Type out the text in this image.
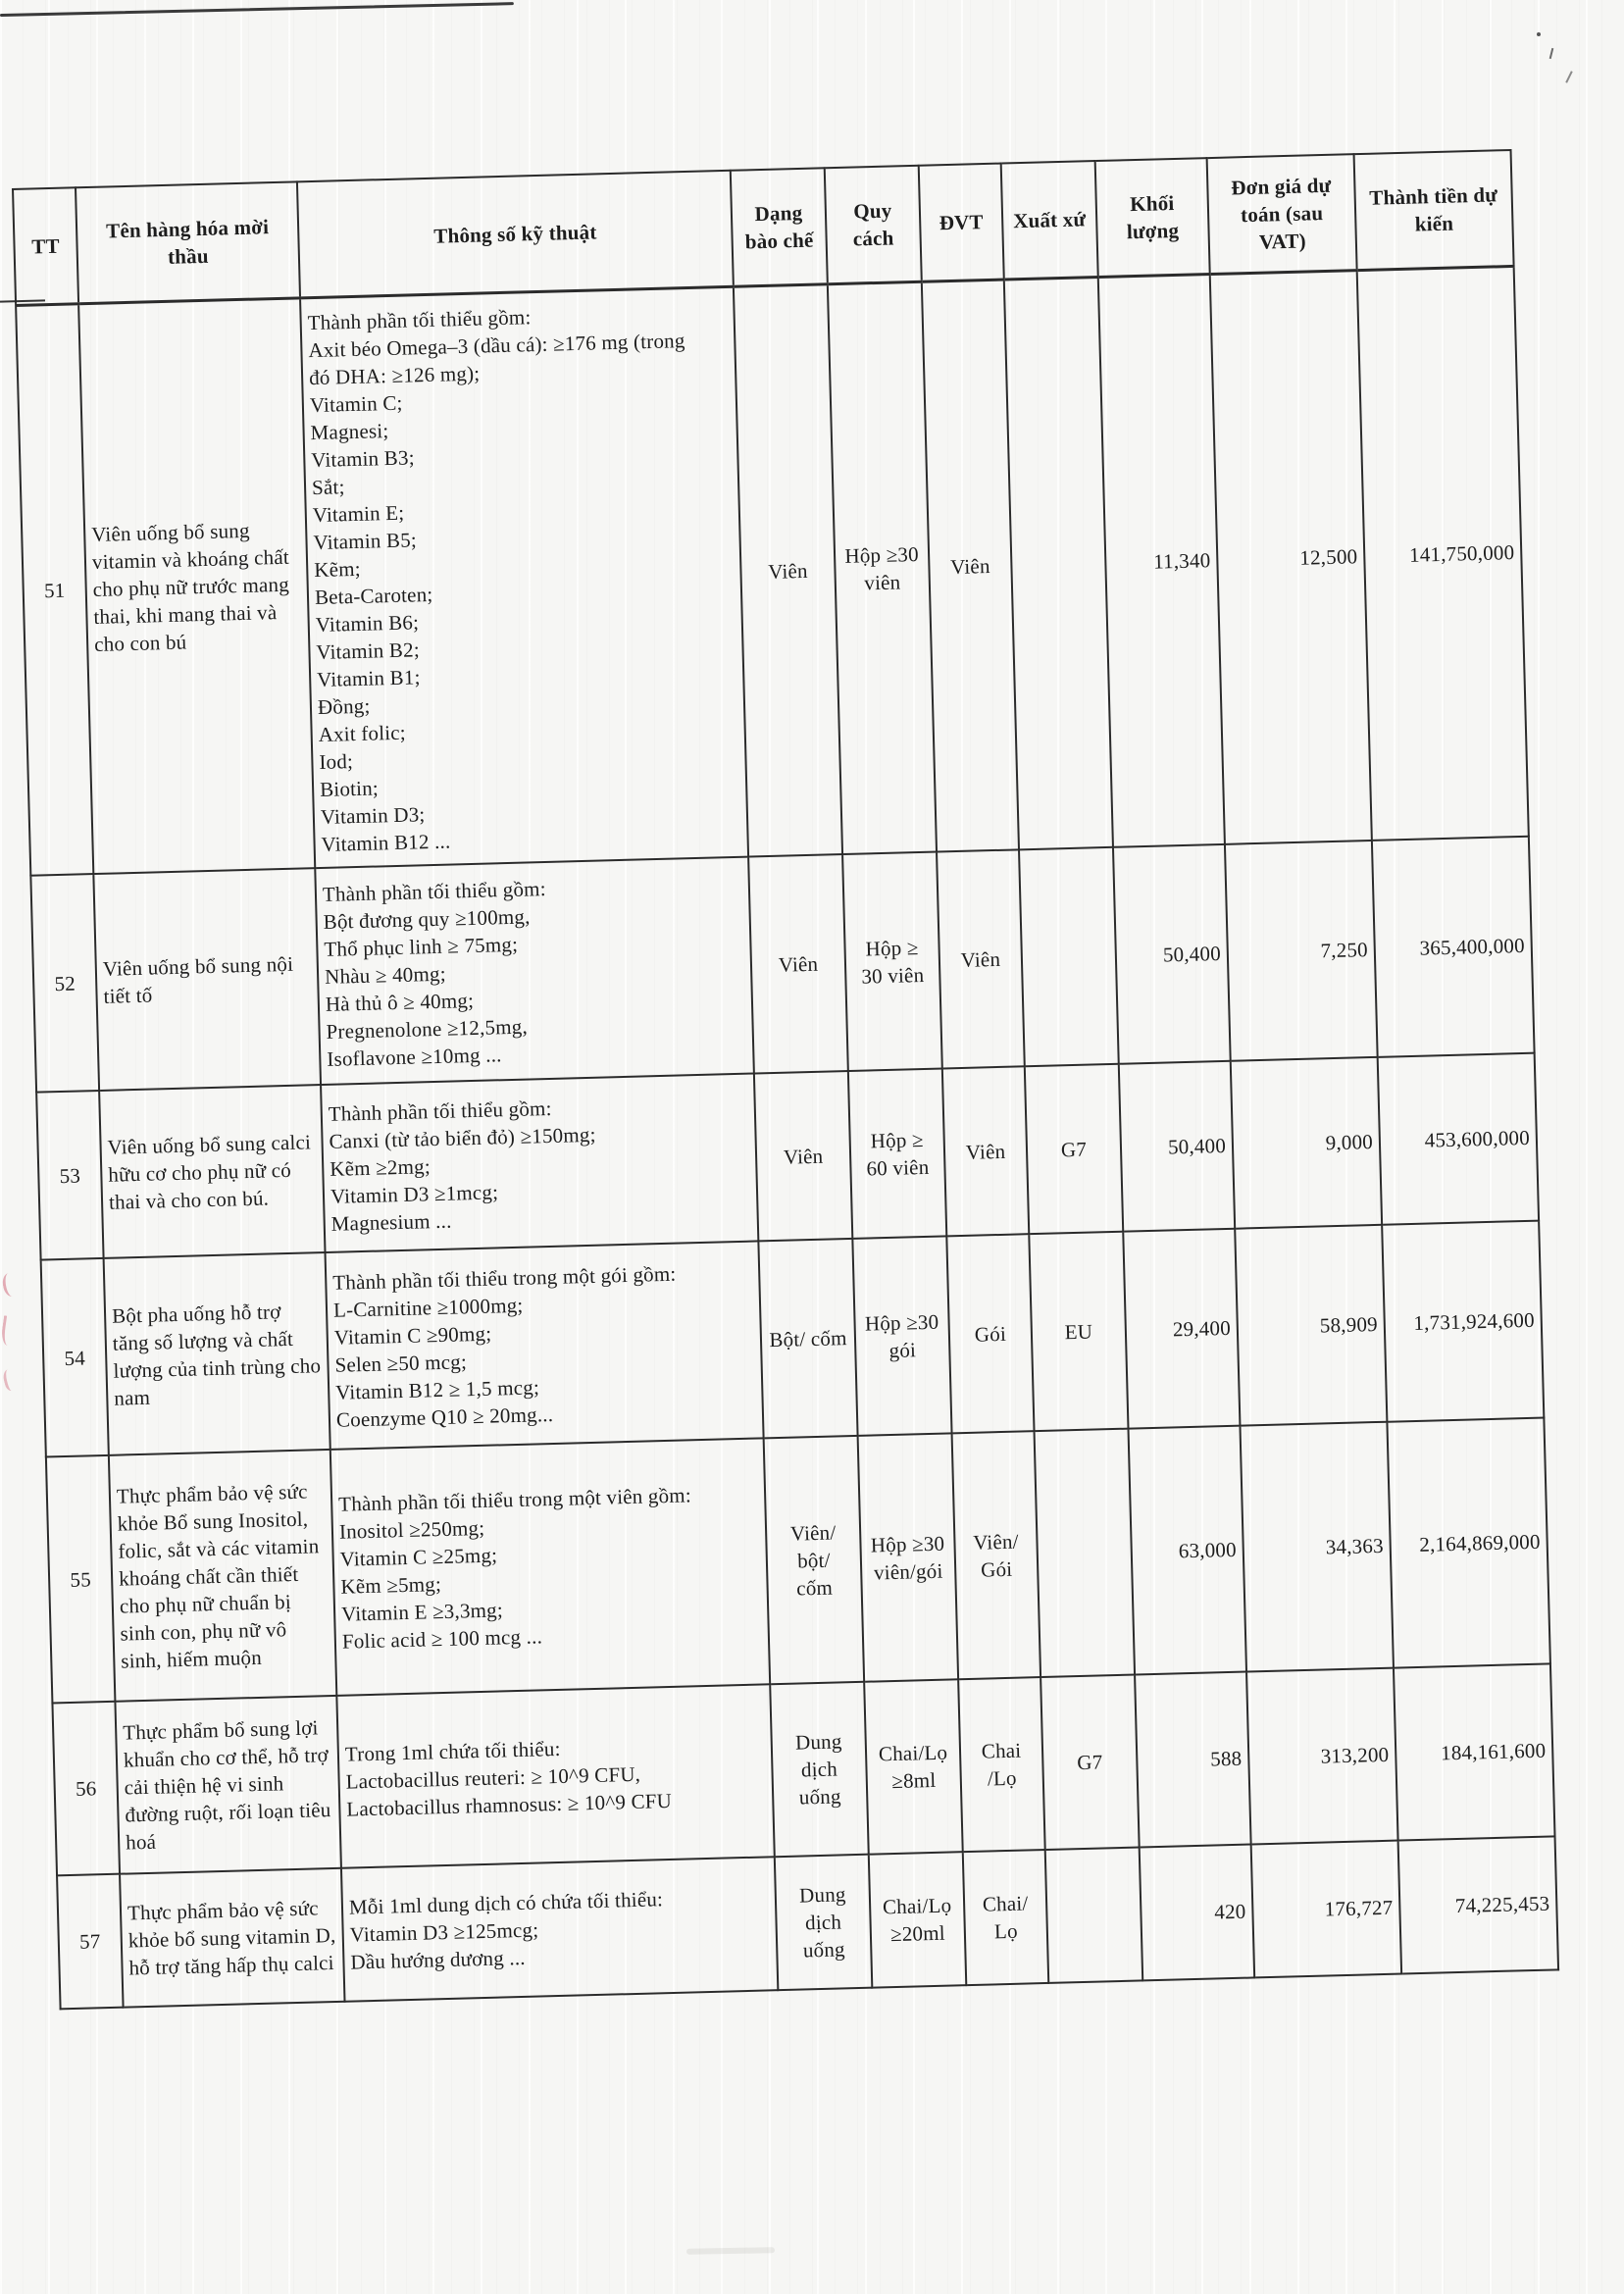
TT	Tên hàng hóa mời thầu	Thông số kỹ thuật	Dạng bào chế	Quy cách	ĐVT	Xuất xứ	Khối lượng	Đơn giá dự toán (sau VAT)	Thành tiền dự kiến
51	Viên uống bổ sung vitamin và khoáng chất cho phụ nữ trước mang thai, khi mang thai và cho con bú	Thành phần tối thiểu gồm:
Axit béo Omega–3 (dầu cá): ≥176 mg (trong
đó DHA: ≥126 mg);
Vitamin C;
Magnesi;
Vitamin B3;
Sắt;
Vitamin E;
Vitamin B5;
Kẽm;
Beta-Caroten;
Vitamin B6;
Vitamin B2;
Vitamin B1;
Đồng;
Axit folic;
Iod;
Biotin;
Vitamin D3;
Vitamin B12 ...	Viên	Hộp ≥30
viên	Viên		11,340	12,500	141,750,000
52	Viên uống bổ sung nội tiết tố	Thành phần tối thiểu gồm:
Bột đương quy ≥100mg,
Thổ phục linh ≥ 75mg;
Nhàu ≥ 40mg;
Hà thủ ô ≥ 40mg;
Pregnenolone ≥12,5mg,
Isoflavone ≥10mg ...	Viên	Hộp ≥
30 viên	Viên		50,400	7,250	365,400,000
53	Viên uống bổ sung calci hữu cơ cho phụ nữ có thai và cho con bú.	Thành phần tối thiểu gồm:
Canxi (từ tảo biển đỏ) ≥150mg;
Kẽm ≥2mg;
Vitamin D3 ≥1mcg;
Magnesium ...	Viên	Hộp ≥
60 viên	Viên	G7	50,400	9,000	453,600,000
54	Bột pha uống hỗ trợ tăng số lượng và chất lượng của tinh trùng cho nam	Thành phần tối thiểu trong một gói gồm:
L-Carnitine ≥1000mg;
Vitamin C ≥90mg;
Selen ≥50 mcg;
Vitamin B12 ≥ 1,5 mcg;
Coenzyme Q10 ≥ 20mg...	Bột/ cốm	Hộp ≥30
gói	Gói	EU	29,400	58,909	1,731,924,600
55	Thực phẩm bảo vệ sức khỏe Bổ sung Inositol, folic, sắt và các vitamin khoáng chất cần thiết cho phụ nữ chuẩn bị sinh con, phụ nữ vô sinh, hiếm muộn	Thành phần tối thiểu trong một viên gồm:
Inositol ≥250mg;
Vitamin C ≥25mg;
Kẽm ≥5mg;
Vitamin E ≥3,3mg;
Folic acid ≥ 100 mcg ...	Viên/
bột/
cốm	Hộp ≥30
viên/gói	Viên/
Gói		63,000	34,363	2,164,869,000
56	Thực phẩm bổ sung lợi khuẩn cho cơ thể, hỗ trợ cải thiện hệ vi sinh đường ruột, rối loạn tiêu hoá	Trong 1ml chứa tối thiểu:
Lactobacillus reuteri: ≥ 10^9 CFU,
Lactobacillus rhamnosus: ≥ 10^9 CFU	Dung
dịch
uống	Chai/Lọ
≥8ml	Chai
/Lọ	G7	588	313,200	184,161,600
57	Thực phẩm bảo vệ sức khỏe bổ sung vitamin D, hỗ trợ tăng hấp thụ calci	Mỗi 1ml dung dịch có chứa tối thiểu:
Vitamin D3 ≥125mcg;
Dầu hướng dương ...	Dung
dịch
uống	Chai/Lọ
≥20ml	Chai/
Lọ		420	176,727	74,225,453
